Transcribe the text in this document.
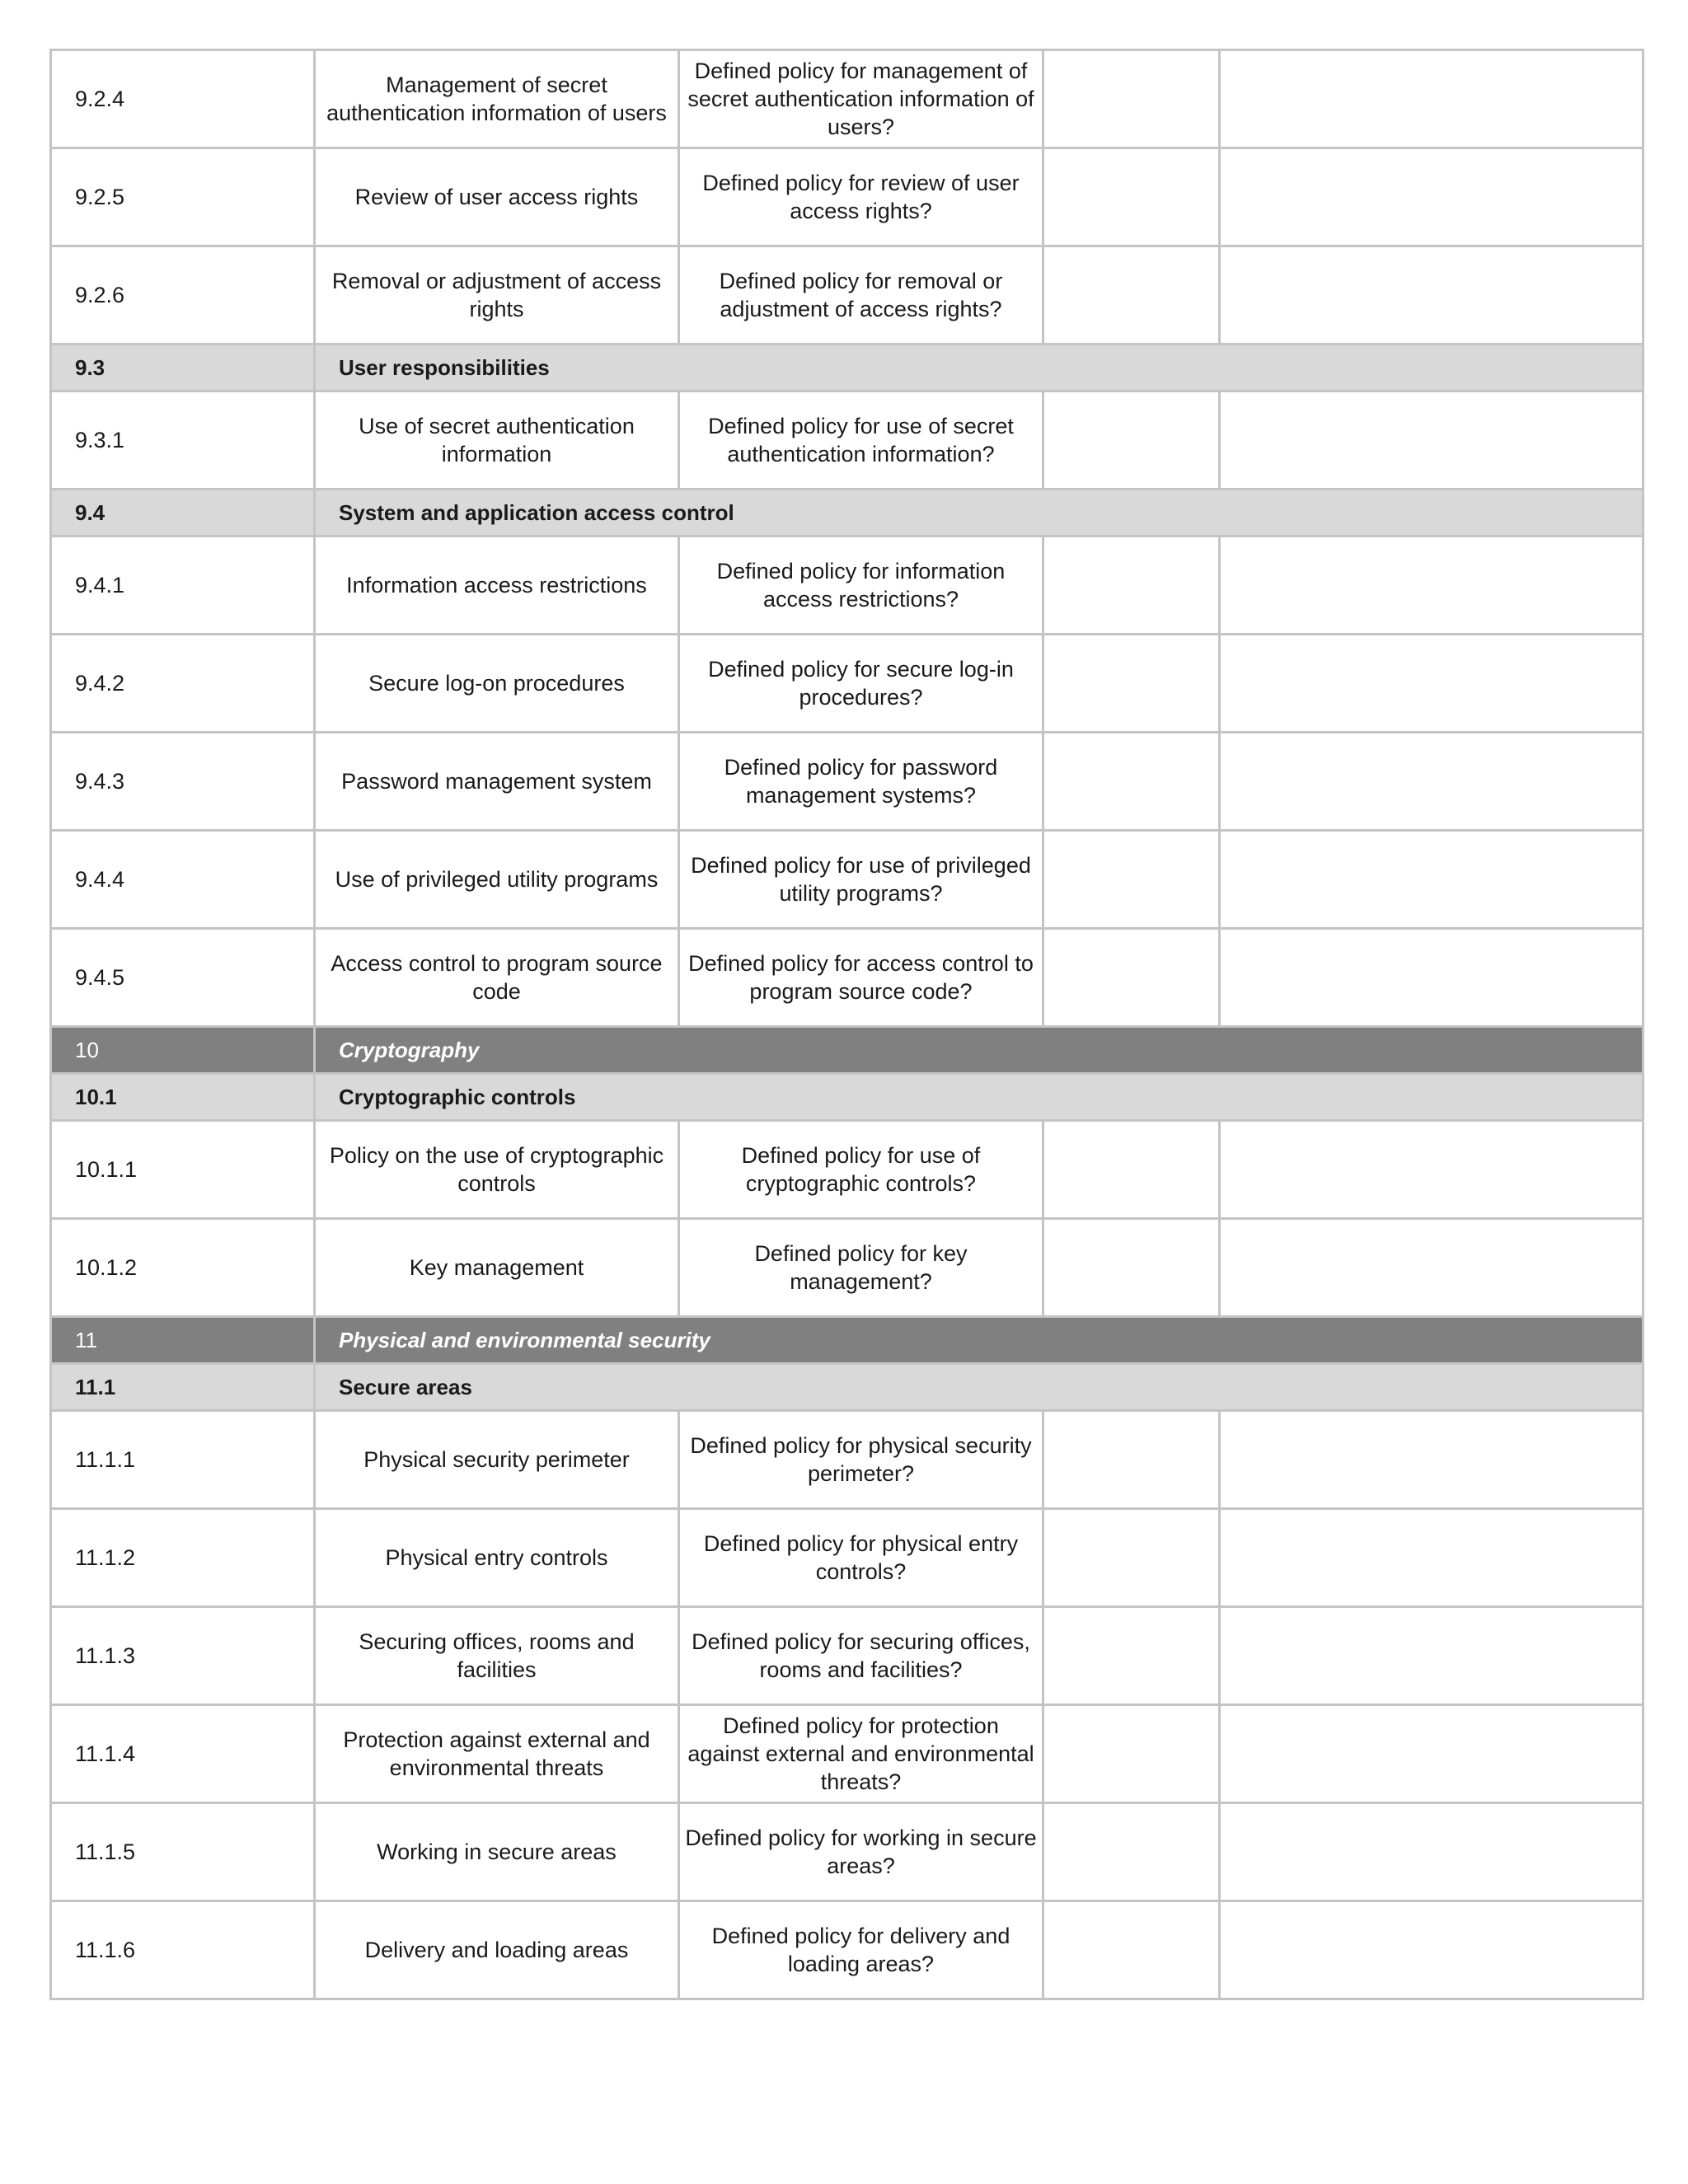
9.2.4	Management of secret authentication information of users	Defined policy for management of secret authentication information of users?		
9.2.5	Review of user access rights	Defined policy for review of user access rights?		
9.2.6	Removal or adjustment of access rights	Defined policy for removal or adjustment of access rights?		
9.3	User responsibilities			
9.3.1	Use of secret authentication information	Defined policy for use of secret authentication information?		
9.4	System and application access control			
9.4.1	Information access restrictions	Defined policy for information access restrictions?		
9.4.2	Secure log-on procedures	Defined policy for secure log-in procedures?		
9.4.3	Password management system	Defined policy for password management systems?		
9.4.4	Use of privileged utility programs	Defined policy for use of privileged utility programs?		
9.4.5	Access control to program source code	Defined policy for access control to program source code?		
10	Cryptography			
10.1	Cryptographic controls			
10.1.1	Policy on the use of cryptographic controls	Defined policy for use of cryptographic controls?		
10.1.2	Key management	Defined policy for key management?		
11	Physical and environmental security			
11.1	Secure areas			
11.1.1	Physical security perimeter	Defined policy for physical security perimeter?		
11.1.2	Physical entry controls	Defined policy for physical entry controls?		
11.1.3	Securing offices, rooms and facilities	Defined policy for securing offices, rooms and facilities?		
11.1.4	Protection against external and environmental threats	Defined policy for protection against external and environmental threats?		
11.1.5	Working in secure areas	Defined policy for working in secure areas?		
11.1.6	Delivery and loading areas	Defined policy for delivery and loading areas?		
